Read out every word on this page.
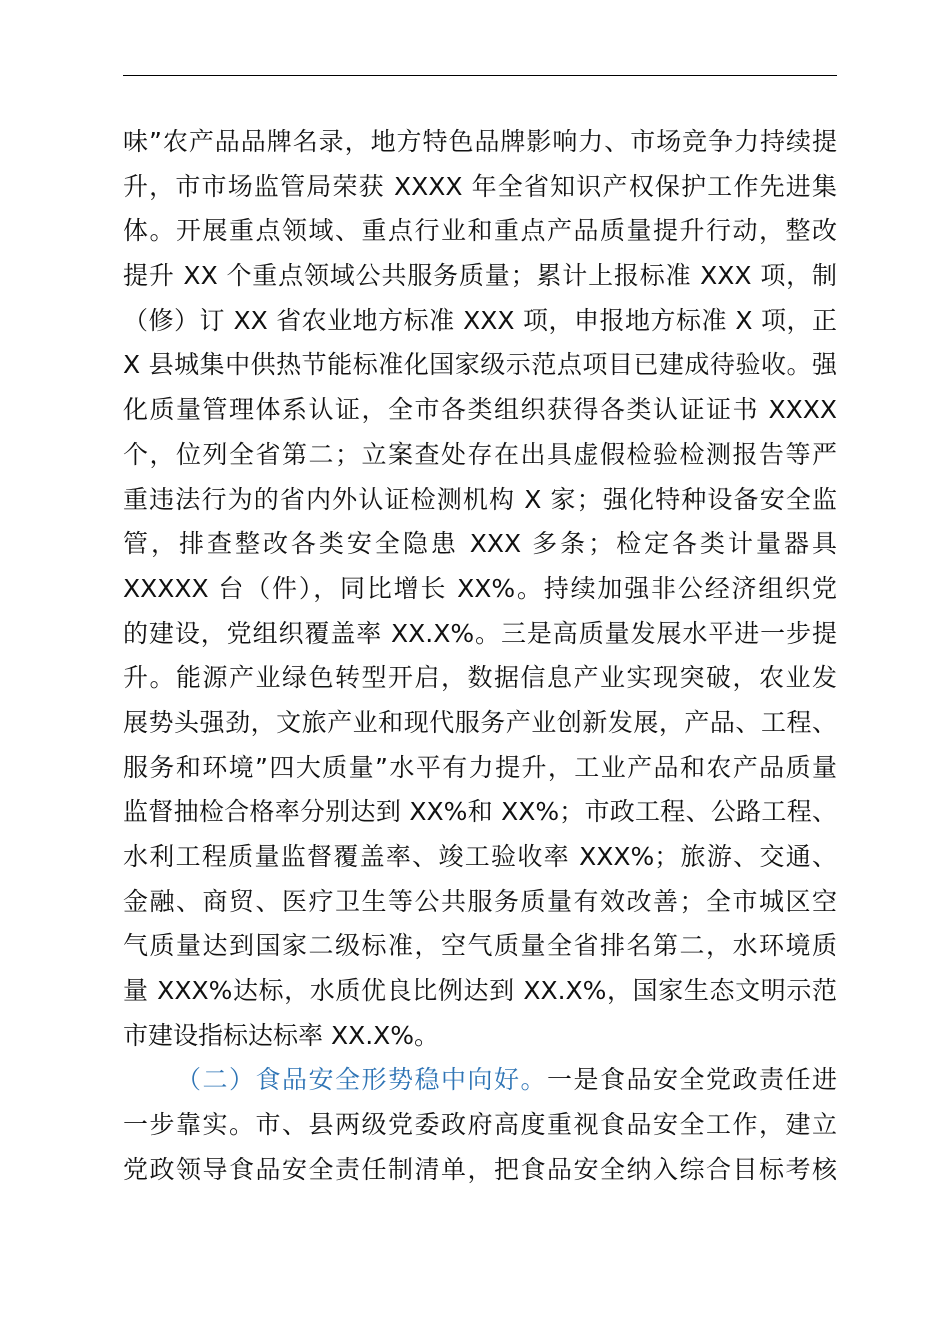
味”农产品品牌名录，地方特色品牌影响力、市场竞争力持续提
升，市市场监管局荣获 XXXX 年全省知识产权保护工作先进集
体。开展重点领域、重点行业和重点产品质量提升行动，整改
提升 XX 个重点领域公共服务质量；累计上报标准 XXX 项，制
（修）订 XX 省农业地方标准 XXX 项，申报地方标准 X 项，正
X 县城集中供热节能标准化国家级示范点项目已建成待验收。强
化质量管理体系认证，全市各类组织获得各类认证证书 XXXX
个，位列全省第二；立案查处存在出具虚假检验检测报告等严
重违法行为的省内外认证检测机构 X 家；强化特种设备安全监
管，排查整改各类安全隐患 XXX 多条；检定各类计量器具
XXXXX 台（件），同比增长 XX%。持续加强非公经济组织党
的建设，党组织覆盖率 XX.X%。三是高质量发展水平进一步提
升。能源产业绿色转型开启，数据信息产业实现突破，农业发
展势头强劲，文旅产业和现代服务产业创新发展，产品、工程、
服务和环境”四大质量”水平有力提升，工业产品和农产品质量
监督抽检合格率分别达到 XX%和 XX%；市政工程、公路工程、
水利工程质量监督覆盖率、竣工验收率 XXX%；旅游、交通、
金融、商贸、医疗卫生等公共服务质量有效改善；全市城区空
气质量达到国家二级标准，空气质量全省排名第二，水环境质
量 XXX%达标，水质优良比例达到 XX.X%，国家生态文明示范
市建设指标达标率 XX.X%。
（二）食品安全形势稳中向好。一是食品安全党政责任进
一步靠实。市、县两级党委政府高度重视食品安全工作，建立
党政领导食品安全责任制清单，把食品安全纳入综合目标考核
